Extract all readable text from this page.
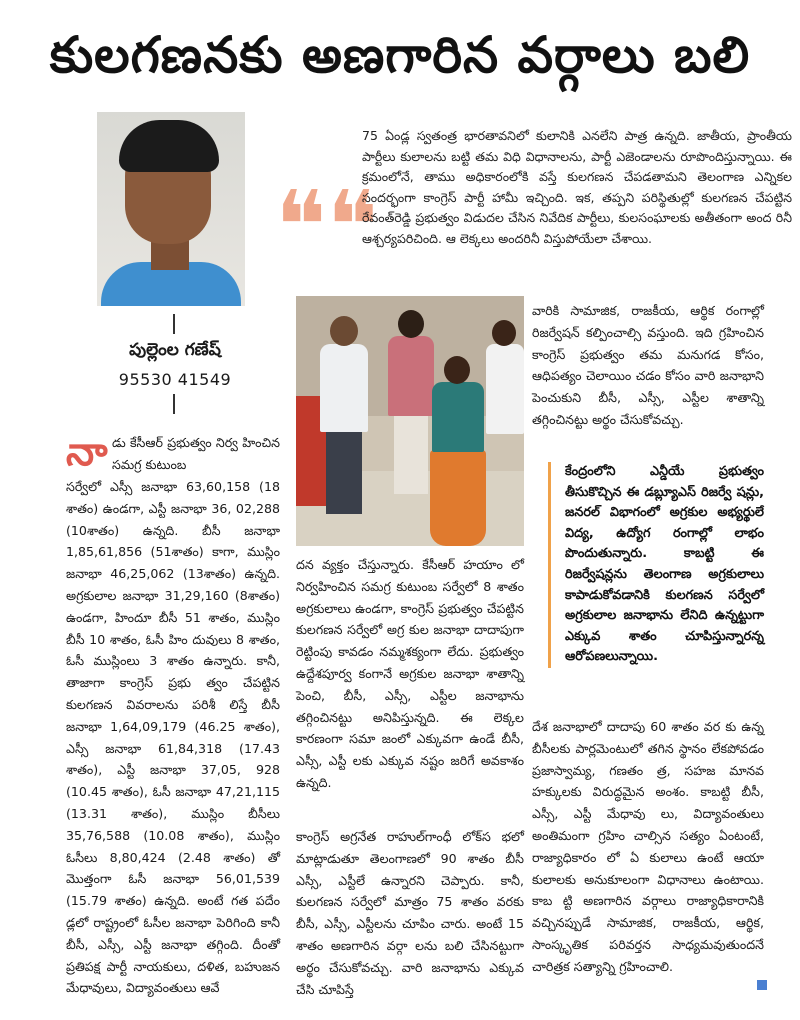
కులగణనకు అణగారిన వర్గాలు బలి
పుల్లెంల గణేష్
95530 41549
❝❝
75 ఏండ్ల స్వతంత్ర భారతావనిలో కులానికి ఎనలేని పాత్ర ఉన్నది. జాతీయ, ప్రాంతీయ పార్టీలు కులాలను బట్టి తమ విధి విధానాలను, పార్టీ ఎజెండాలను రూపొందిస్తున్నాయి. ఈ క్రమంలోనే, తాము అధికారంలోకి వస్తే కులగణన చేపడతామని తెలంగాణ ఎన్నికల సందర్భంగా కాంగ్రెస్ పార్టీ హామీ ఇచ్చింది. ఇక, తప్పని పరిస్థితుల్లో కులగణన చేపట్టిన రేవంత్‌రెడ్డి ప్రభుత్వం విడుదల చేసిన నివేదిక పార్టీలు, కులసంఘాలకు అతీతంగా అంద రినీ ఆశ్చర్యపరిచింది. ఆ లెక్కలు అందరినీ విస్తుపోయేలా చేశాయి.
నా డు కేసీఆర్ ప్రభుత్వం నిర్వ హించిన సమగ్ర కుటుంబ
సర్వేలో ఎస్సీ జనాభా 63,60,158 (18 శాతం) ఉండగా, ఎస్టీ జనాభా 36, 02,288 (10శాతం) ఉన్నది. బీసీ జనాభా 1,85,61,856 (51శాతం) కాగా, ముస్లిం జనాభా 46,25,062 (13శాతం) ఉన్నది. అగ్రకులాల జనాభా 31,29,160 (8శాతం) ఉండగా, హిందూ బీసీ 51 శాతం, ముస్లిం బీసీ 10 శాతం, ఓసీ హిం దువులు 8 శాతం, ఓసీ ముస్లింలు 3 శాతం ఉన్నారు. కానీ, తాజాగా కాంగ్రెస్ ప్రభు త్వం చేపట్టిన కులగణన వివరాలను పరిశీ లిస్తే బీసీ జనాభా 1,64,09,179 (46.25 శాతం), ఎస్సీ జనాభా 61,84,318 (17.43 శాతం), ఎస్టీ జనాభా 37,05, 928 (10.45 శాతం), ఓసీ జనాభా 47,21,115 (13.31 శాతం), ముస్లిం బీసీలు 35,76,588 (10.08 శాతం), ముస్లిం ఓసీలు 8,80,424 (2.48 శాతం) తో మొత్తంగా ఓసీ జనాభా 56,01,539 (15.79 శాతం) ఉన్నది. అంటే గత పదేం డ్లలో రాష్ట్రంలో ఓసీల జనాభా పెరిగింది కానీ బీసీ, ఎస్సీ, ఎస్టీ జనాభా తగ్గింది. దీంతో ప్రతిపక్ష పార్టీ నాయకులు, దళిత, బహుజన మేధావులు, విద్యావంతులు ఆవే
దన వ్యక్తం చేస్తున్నారు. కేసీఆర్ హయాం లో నిర్వహించిన సమగ్ర కుటుంబ సర్వేలో 8 శాతం అగ్రకులాలు ఉండగా, కాంగ్రెస్ ప్రభుత్వం చేపట్టిన కులగణన సర్వేలో అగ్ర కుల జనాభా దాదాపుగా రెట్టింపు కావడం నమ్మశక్యంగా లేదు. ప్రభుత్వం ఉద్దేశపూర్వ కంగానే అగ్రకుల జనాభా శాతాన్ని పెంచి, బీసీ, ఎస్సీ, ఎస్టీల జనాభాను తగ్గించినట్టు అనిపిస్తున్నది. ఈ లెక్కల కారణంగా సమా జంలో ఎక్కువగా ఉండే బీసీ, ఎస్సీ, ఎస్టీ లకు ఎక్కువ నష్టం జరిగే అవకాశం ఉన్నది.
కాంగ్రెస్ అగ్రనేత రాహుల్‌గాంధీ లోక్‌స భలో మాట్లాడుతూ తెలంగాణలో 90 శాతం బీసీ ఎస్సీ, ఎస్టీలే ఉన్నారని చెప్పారు. కానీ, కులగణన సర్వేలో మాత్రం 75 శాతం వరకు బీసీ, ఎస్సీ, ఎస్టీలను చూపిం చారు. అంటే 15 శాతం అణగారిన వర్గా లను బలి చేసినట్టుగా అర్థం చేసుకోవచ్చు. వారి జనాభాను ఎక్కువ చేసి చూపిస్తే
వారికి సామాజిక, రాజకీయ, ఆర్థిక రంగాల్లో రిజర్వేషన్ కల్పించాల్సి వస్తుంది. ఇది గ్రహించిన కాంగ్రెస్ ప్రభుత్వం తమ మనుగడ కోసం, ఆధిపత్యం చెలాయిం చడం కోసం వారి జనాభాని పెంచుకుని బీసీ, ఎస్సీ, ఎస్టీల శాతాన్ని తగ్గించినట్టు అర్థం చేసుకోవచ్చు.
కేంద్రంలోని ఎన్డీయే ప్రభుత్వం తీసుకొచ్చిన ఈ డబ్ల్యూఎస్ రిజర్వే షన్లు, జనరల్ విభాగంలో అగ్రకుల అభ్యర్థులే విద్య, ఉద్యోగ రంగాల్లో లాభం పొందుతున్నారు. కాబట్టి ఈ రిజర్వేషన్లను తెలంగాణ అగ్రకులాలు కాపాడుకోవడానికి కులగణన సర్వేలో అగ్రకులాల జనాభాను లేనిది ఉన్నట్టుగా ఎక్కువ శాతం చూపిస్తున్నారన్న ఆరోపణలున్నాయి.
దేశ జనాభాలో దాదాపు 60 శాతం వర కు ఉన్న బీసీలకు పార్లమెంటులో తగిన స్థానం లేకపోవడం ప్రజాస్వామ్య, గణతం త్ర, సహజ మానవ హక్కులకు విరుద్ధమైన అంశం. కాబట్టి బీసీ, ఎస్సీ, ఎస్టీ మేధావు లు, విద్యావంతులు అంతిమంగా గ్రహిం చాల్సిన సత్యం ఏంటంటే, రాజ్యాధికారం లో ఏ కులాలు ఉంటే ఆయా కులాలకు అనుకూలంగా విధానాలు ఉంటాయి. కాబ ట్టి అణగారిన వర్గాలు రాజ్యాధికారానికి వచ్చినప్పుడే సామాజిక, రాజకీయ, ఆర్థిక, సాంస్కృతిక పరివర్తన సాధ్యమవుతుందనే చారిత్రక సత్యాన్ని గ్రహించాలి.
